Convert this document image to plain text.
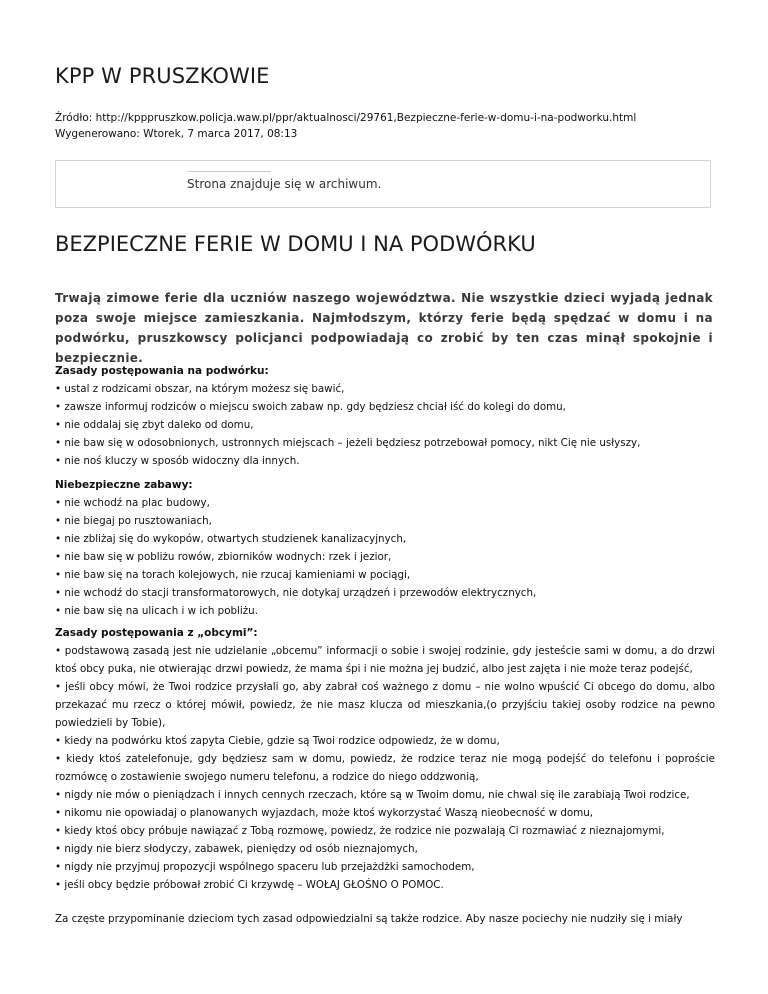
KPP W PRUSZKOWIE
Źródło: http://kpppruszkow.policja.waw.pl/ppr/aktualnosci/29761,Bezpieczne-ferie-w-domu-i-na-podworku.html
Wygenerowano: Wtorek, 7 marca 2017, 08:13
Strona znajduje się w archiwum.
BEZPIECZNE FERIE W DOMU I NA PODWÓRKU

Trwają zimowe ferie dla uczniów naszego województwa. Nie wszystkie dzieci wyjadą jednak poza swoje miejsce zamieszkania. Najmłodszym, którzy ferie będą spędzać w domu i na podwórku, pruszkowscy policjanci podpowiadają co zrobić by ten czas minął spokojnie i bezpiecznie.

Zasady postępowania na podwórku:

• ustal z rodzicami obszar, na którym możesz się bawić,
• zawsze informuj rodziców o miejscu swoich zabaw np. gdy będziesz chciał iść do kolegi do domu,
• nie oddalaj się zbyt daleko od domu,
• nie baw się w odosobnionych, ustronnych miejscach – jeżeli będziesz potrzebował pomocy, nikt Cię nie usłyszy,
• nie noś kluczy w sposób widoczny dla innych.

Niebezpieczne zabawy:

• nie wchodź na plac budowy,
• nie biegaj po rusztowaniach,
• nie zbliżaj się do wykopów, otwartych studzienek kanalizacyjnych,
• nie baw się w pobliżu rowów, zbiorników wodnych: rzek i jezior,
• nie baw się na torach kolejowych, nie rzucaj kamieniami w pociągi,
• nie wchodź do stacji transformatorowych, nie dotykaj urządzeń i przewodów elektrycznych,
• nie baw się na ulicach i w ich pobliżu.

Zasady postępowania z „obcymi”:

• podstawową zasadą jest nie udzielanie „obcemu” informacji o sobie i swojej rodzinie, gdy jesteście sami w domu, a do drzwi ktoś obcy puka, nie otwierając drzwi powiedz, że mama śpi i nie można jej budzić, albo jest zajęta i nie może teraz podejść,
• jeśli obcy mówi, że Twoi rodzice przysłali go, aby zabrał coś ważnego z domu – nie wolno wpuścić Ci obcego do domu, albo przekazać mu rzecz o której mówił, powiedz, że nie masz klucza od mieszkania,(o przyjściu takiej osoby rodzice na pewno powiedzieli by Tobie),
• kiedy na podwórku ktoś zapyta Ciebie, gdzie są Twoi rodzice odpowiedz, że w domu,
• kiedy ktoś zatelefonuje, gdy będziesz sam w domu, powiedz, że rodzice teraz nie mogą podejść do telefonu i poproście rozmówcę o zostawienie swojego numeru telefonu, a rodzice do niego oddzwonią,
• nigdy nie mów o pieniądzach i innych cennych rzeczach, które są w Twoim domu, nie chwal się ile zarabiają Twoi rodzice,
• nikomu nie opowiadaj o planowanych wyjazdach, może ktoś wykorzystać Waszą nieobecność w domu,
• kiedy ktoś obcy próbuje nawiązać z Tobą rozmowę, powiedz, że rodzice nie pozwalają Ci rozmawiać z nieznajomymi,
• nigdy nie bierz słodyczy, zabawek, pieniędzy od osób nieznajomych,
• nigdy nie przyjmuj propozycji wspólnego spaceru lub przejażdżki samochodem,
• jeśli obcy będzie próbował zrobić Ci krzywdę – WOŁAJ GŁOŚNO O POMOC.

Za częste przypominanie dzieciom tych zasad odpowiedzialni są także rodzice. Aby nasze pociechy nie nudziły się i miały
